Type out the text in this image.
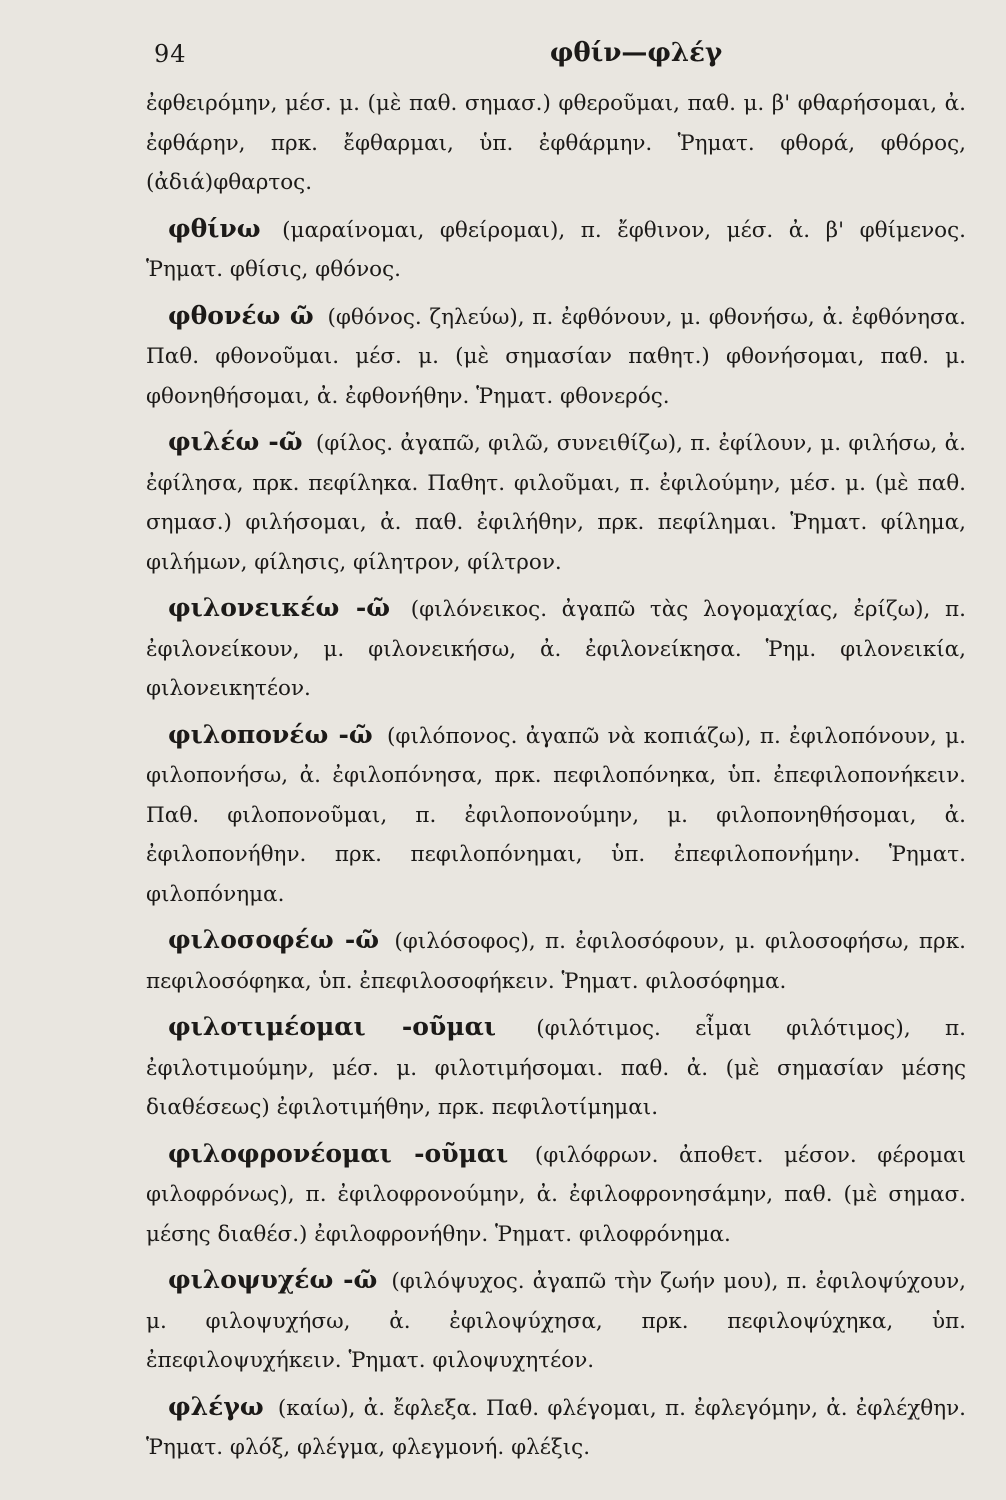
94	φθίν—φλέγ

ἐφθειρόμην, μέσ. μ. (μὲ παθ. σημασ.) φθεροῦμαι, παθ. μ. β' φθαρήσομαι, ἀ. ἐφθάρην, πρκ. ἔφθαρμαι, ὑπ. ἐφθάρμην. Ῥηματ. φθορά, φθόρος, (ἀδιά)φθαρτος.

φθίνω (μαραίνομαι, φθείρομαι), π. ἔφθινον, μέσ. ἀ. β' φθίμενος. Ῥηματ. φθίσις, φθόνος.

φθονέω ῶ (φθόνος. ζηλεύω), π. ἐφθόνουν, μ. φθονήσω, ἀ. ἐφθόνησα. Παθ. φθονοῦμαι. μέσ. μ. (μὲ σημασίαν παθητ.) φθονήσομαι, παθ. μ. φθονηθήσομαι, ἀ. ἐφθονήθην. Ῥηματ. φθονερός.

φιλέω -ῶ (φίλος. ἀγαπῶ, φιλῶ, συνειθίζω), π. ἐφίλουν, μ. φιλήσω, ἀ. ἐφίλησα, πρκ. πεφίληκα. Παθητ. φιλοῦμαι, π. ἐφιλούμην, μέσ. μ. (μὲ παθ. σημασ.) φιλήσομαι, ἀ. παθ. ἐφιλήθην, πρκ. πεφίλημαι. Ῥηματ. φίλημα, φιλήμων, φίλησις, φίλητρον, φίλτρον.

φιλονεικέω -ῶ (φιλόνεικος. ἀγαπῶ τὰς λογομαχίας, ἐρίζω), π. ἐφιλονείκουν, μ. φιλονεικήσω, ἀ. ἐφιλονείκησα. Ῥημ. φιλονεικία, φιλονεικητέον.

φιλοπονέω -ῶ (φιλόπονος. ἀγαπῶ νὰ κοπιάζω), π. ἐφιλοπόνουν, μ. φιλοπονήσω, ἀ. ἐφιλοπόνησα, πρκ. πεφιλοπόνηκα, ὑπ. ἐπεφιλοπονήκειν. Παθ. φιλοπονοῦμαι, π. ἐφιλοπονούμην, μ. φιλοπονηθήσομαι, ἀ. ἐφιλοπονήθην. πρκ. πεφιλοπόνημαι, ὑπ. ἐπεφιλοπονήμην. Ῥηματ. φιλοπόνημα.

φιλοσοφέω -ῶ (φιλόσοφος), π. ἐφιλοσόφουν, μ. φιλοσοφήσω, πρκ. πεφιλοσόφηκα, ὑπ. ἐπεφιλοσοφήκειν. Ῥηματ. φιλοσόφημα.

φιλοτιμέομαι -οῦμαι (φιλότιμος. εἶμαι φιλότιμος), π. ἐφιλοτιμούμην, μέσ. μ. φιλοτιμήσομαι. παθ. ἀ. (μὲ σημασίαν μέσης διαθέσεως) ἐφιλοτιμήθην, πρκ. πεφιλοτίμημαι.

φιλοφρονέομαι -οῦμαι (φιλόφρων. ἀποθετ. μέσον. φέρομαι φιλοφρόνως), π. ἐφιλοφρονούμην, ἀ. ἐφιλοφρονησάμην, παθ. (μὲ σημασ. μέσης διαθέσ.) ἐφιλοφρονήθην. Ῥηματ. φιλοφρόνημα.

φιλοψυχέω -ῶ (φιλόψυχος. ἀγαπῶ τὴν ζωήν μου), π. ἐφιλοψύχουν, μ. φιλοψυχήσω, ἀ. ἐφιλοψύχησα, πρκ. πεφιλοψύχηκα, ὑπ. ἐπεφιλοψυχήκειν. Ῥηματ. φιλοψυχητέον.

φλέγω (καίω), ἀ. ἔφλεξα. Παθ. φλέγομαι, π. ἐφλεγόμην, ἀ. ἐφλέχθην. Ῥηματ. φλόξ, φλέγμα, φλεγμονή. φλέξις.
